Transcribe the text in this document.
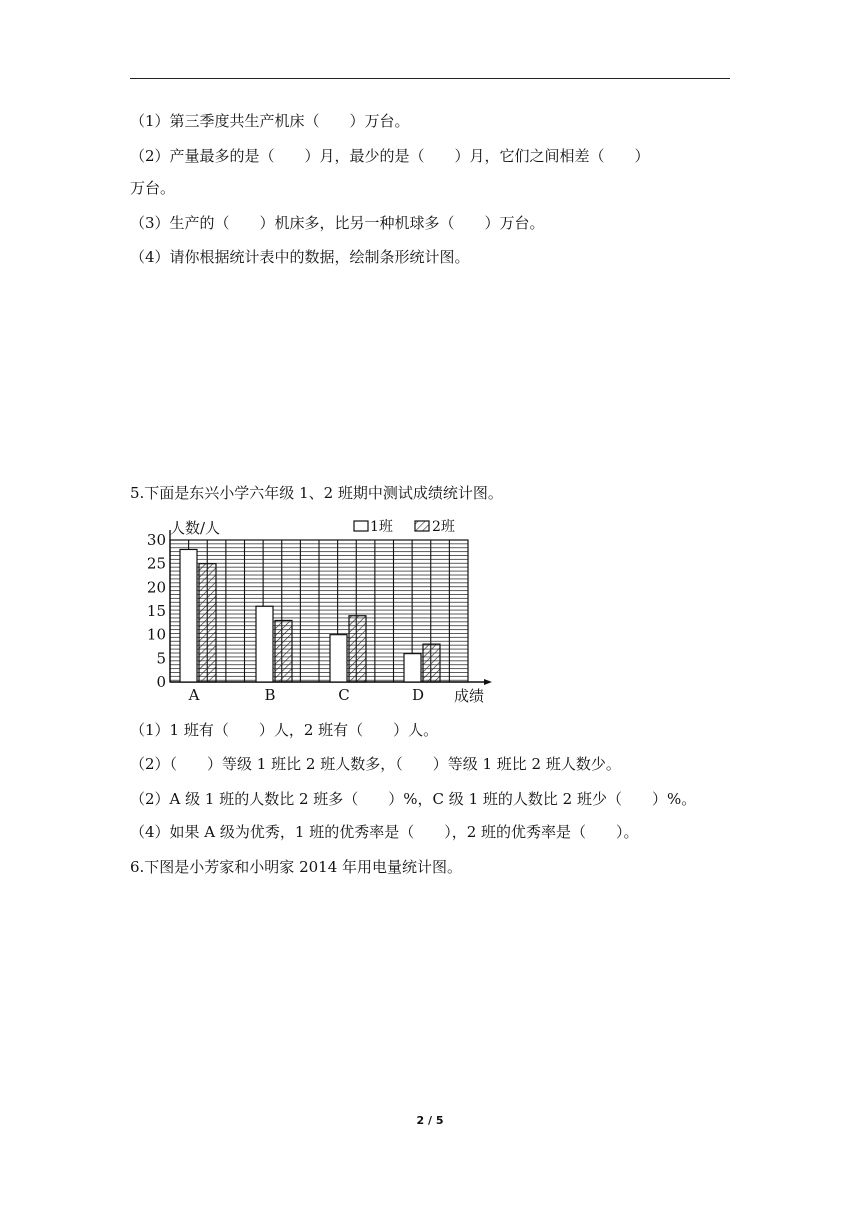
（1）第三季度共生产机床（　　）万台。
（2）产量最多的是（　　）月，最少的是（　　）月，它们之间相差（　　）
万台。
（3）生产的（　　）机床多，比另一种机球多（　　）万台。
（4）请你根据统计表中的数据，绘制条形统计图。
5.下面是东兴小学六年级 1、2 班期中测试成绩统计图。
0
5
10
15
20
25
30
A	B	C	D
人数/人
成绩
1班	2班
（1）1 班有（　　）人，2 班有（　　）人。
（2）（　　）等级 1 班比 2 班人数多，（　　）等级 1 班比 2 班人数少。
（2）A 级 1 班的人数比 2 班多（　　）%，C 级 1 班的人数比 2 班少（　　）%。
（4）如果 A 级为优秀，1 班的优秀率是（　　），2 班的优秀率是（　　）。
6.下图是小芳家和小明家 2014 年用电量统计图。
2 / 5
